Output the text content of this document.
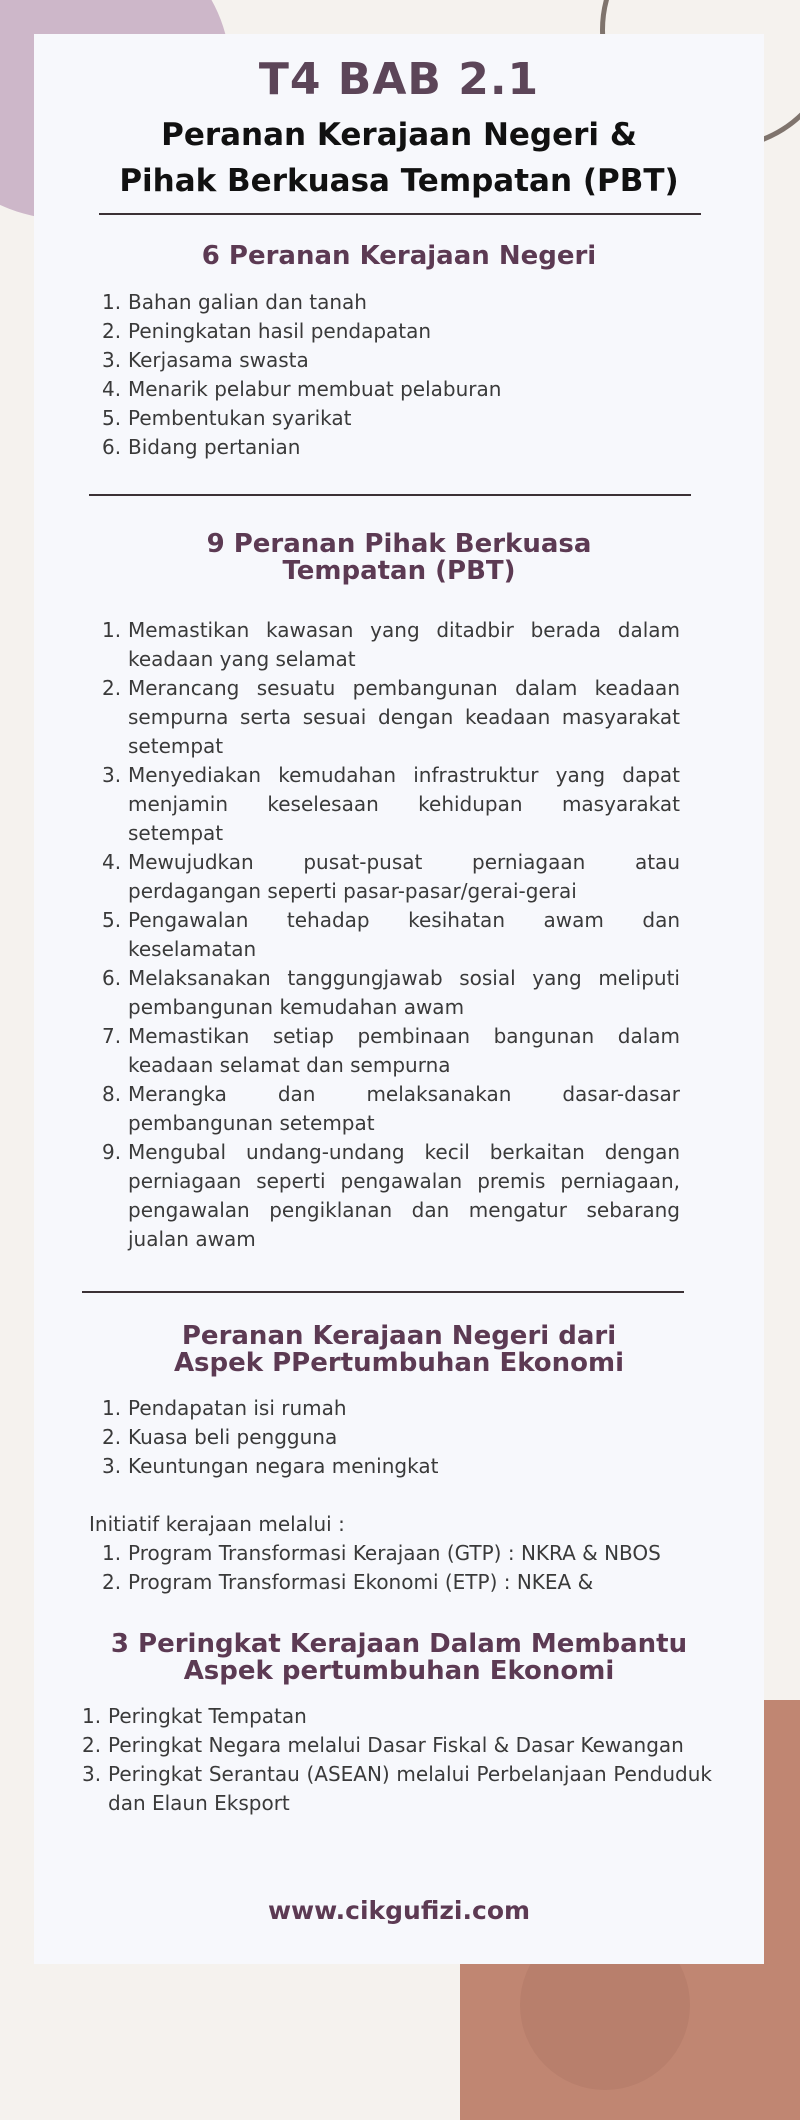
T4 BAB 2.1
Peranan Kerajaan Negeri &
Pihak Berkuasa Tempatan (PBT)
6 Peranan Kerajaan Negeri
1. Bahan galian dan tanah
2. Peningkatan hasil pendapatan
3. Kerjasama swasta
4. Menarik pelabur membuat pelaburan
5. Pembentukan syarikat
6. Bidang pertanian
9 Peranan Pihak Berkuasa
Tempatan (PBT)
1. Memastikan kawasan yang ditadbir berada dalam keadaan yang selamat
2. Merancang sesuatu pembangunan dalam keadaan sempurna serta sesuai dengan keadaan masyarakat setempat
3. Menyediakan kemudahan infrastruktur yang dapat menjamin keselesaan kehidupan masyarakat setempat
4. Mewujudkan pusat-pusat perniagaan atau perdagangan seperti pasar-pasar/gerai-gerai
5. Pengawalan tehadap kesihatan awam dan keselamatan
6. Melaksanakan tanggungjawab sosial yang meliputi pembangunan kemudahan awam
7. Memastikan setiap pembinaan bangunan dalam keadaan selamat dan sempurna
8. Merangka dan melaksanakan dasar-dasar pembangunan setempat
9. Mengubal undang-undang kecil berkaitan dengan perniagaan seperti pengawalan premis perniagaan, pengawalan pengiklanan dan mengatur sebarang jualan awam
Peranan Kerajaan Negeri dari
Aspek PPertumbuhan Ekonomi
1. Pendapatan isi rumah
2. Kuasa beli pengguna
3. Keuntungan negara meningkat
Initiatif kerajaan melalui :
1. Program Transformasi Kerajaan (GTP) : NKRA & NBOS
2. Program Transformasi Ekonomi (ETP) : NKEA &
3 Peringkat Kerajaan Dalam Membantu
Aspek pertumbuhan Ekonomi
1. Peringkat Tempatan
2. Peringkat Negara melalui Dasar Fiskal & Dasar Kewangan
3. Peringkat Serantau (ASEAN) melalui Perbelanjaan Penduduk dan Elaun Eksport
www.cikgufizi.com
